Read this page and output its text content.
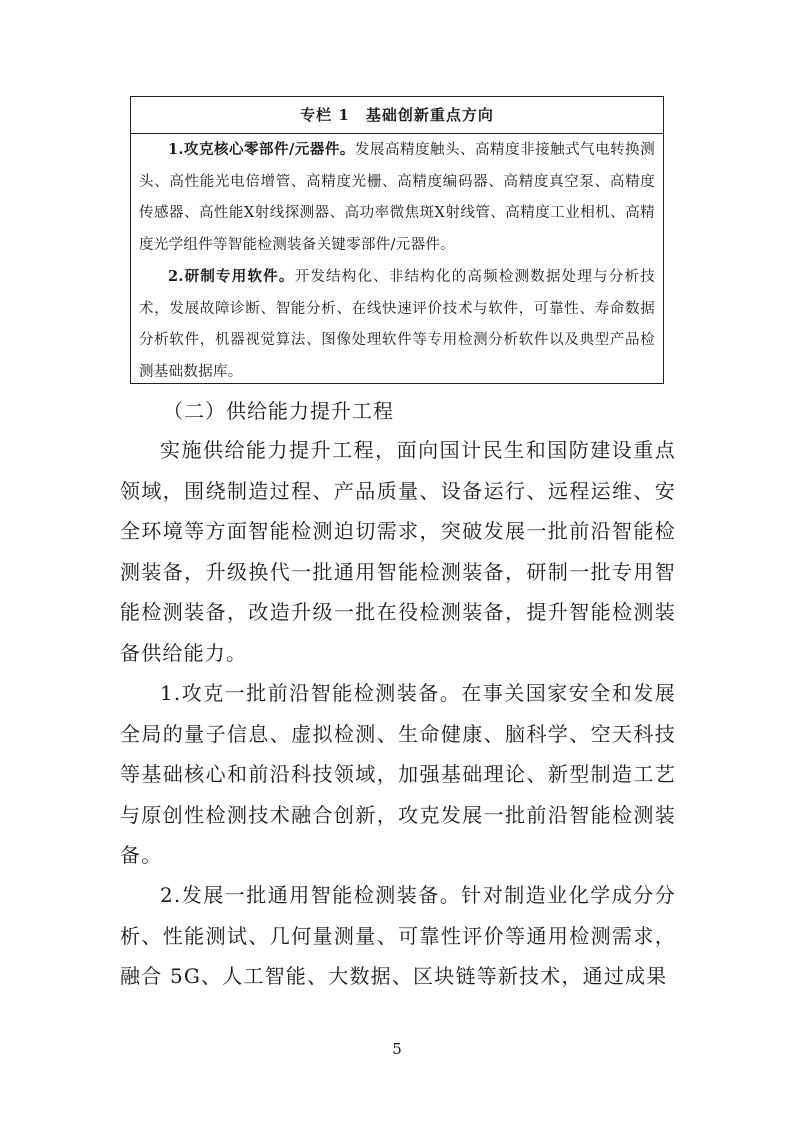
专栏 1 基础创新重点方向

1.攻克核心零部件/元器件。发展高精度触头、高精度非接触式气电转换测头、高性能光电倍增管、高精度光栅、高精度编码器、高精度真空泵、高精度传感器、高性能X射线探测器、高功率微焦斑X射线管、高精度工业相机、高精度光学组件等智能检测装备关键零部件/元器件。

2.研制专用软件。开发结构化、非结构化的高频检测数据处理与分析技术，发展故障诊断、智能分析、在线快速评价技术与软件，可靠性、寿命数据分析软件，机器视觉算法、图像处理软件等专用检测分析软件以及典型产品检测基础数据库。

（二）供给能力提升工程

实施供给能力提升工程，面向国计民生和国防建设重点领域，围绕制造过程、产品质量、设备运行、远程运维、安全环境等方面智能检测迫切需求，突破发展一批前沿智能检测装备，升级换代一批通用智能检测装备，研制一批专用智能检测装备，改造升级一批在役检测装备，提升智能检测装备供给能力。

1.攻克一批前沿智能检测装备。在事关国家安全和发展全局的量子信息、虚拟检测、生命健康、脑科学、空天科技等基础核心和前沿科技领域，加强基础理论、新型制造工艺与原创性检测技术融合创新，攻克发展一批前沿智能检测装备。

2.发展一批通用智能检测装备。针对制造业化学成分分析、性能测试、几何量测量、可靠性评价等通用检测需求，融合 5G、人工智能、大数据、区块链等新技术，通过成果

5
